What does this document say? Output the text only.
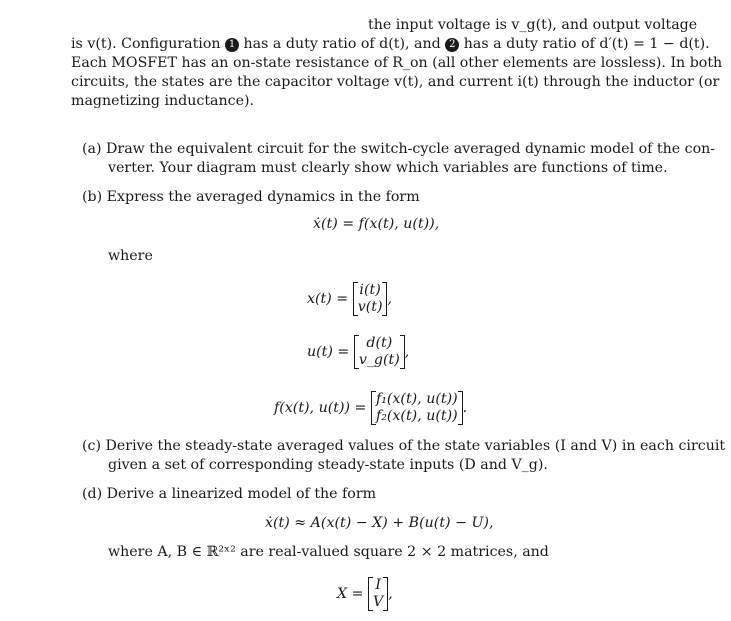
the input voltage is v_g(t), and output voltage
is v(t). Configuration 1 has a duty ratio of d(t), and 2 has a duty ratio of d′(t) = 1 − d(t).
Each MOSFET has an on-state resistance of R_on (all other elements are lossless). In both
circuits, the states are the capacitor voltage v(t), and current i(t) through the inductor (or
magnetizing inductance).
(a) Draw the equivalent circuit for the switch-cycle averaged dynamic model of the con-
verter. Your diagram must clearly show which variables are functions of time.
(b) Express the averaged dynamics in the form
ẋ(t) = f(x(t), u(t)),
where
x(t) =
i(t)
v(t) ,
u(t) =
d(t)
v_g(t) ,
f(x(t), u(t)) =
f₁(x(t), u(t))
f₂(x(t), u(t)) .
(c) Derive the steady-state averaged values of the state variables (I and V) in each circuit
given a set of corresponding steady-state inputs (D and V_g).
(d) Derive a linearized model of the form
ẋ(t) ≈ A(x(t) − X) + B(u(t) − U),
where A, B ∈ ℝ²ˣ² are real-valued square 2 × 2 matrices, and
X =
I
V ,
